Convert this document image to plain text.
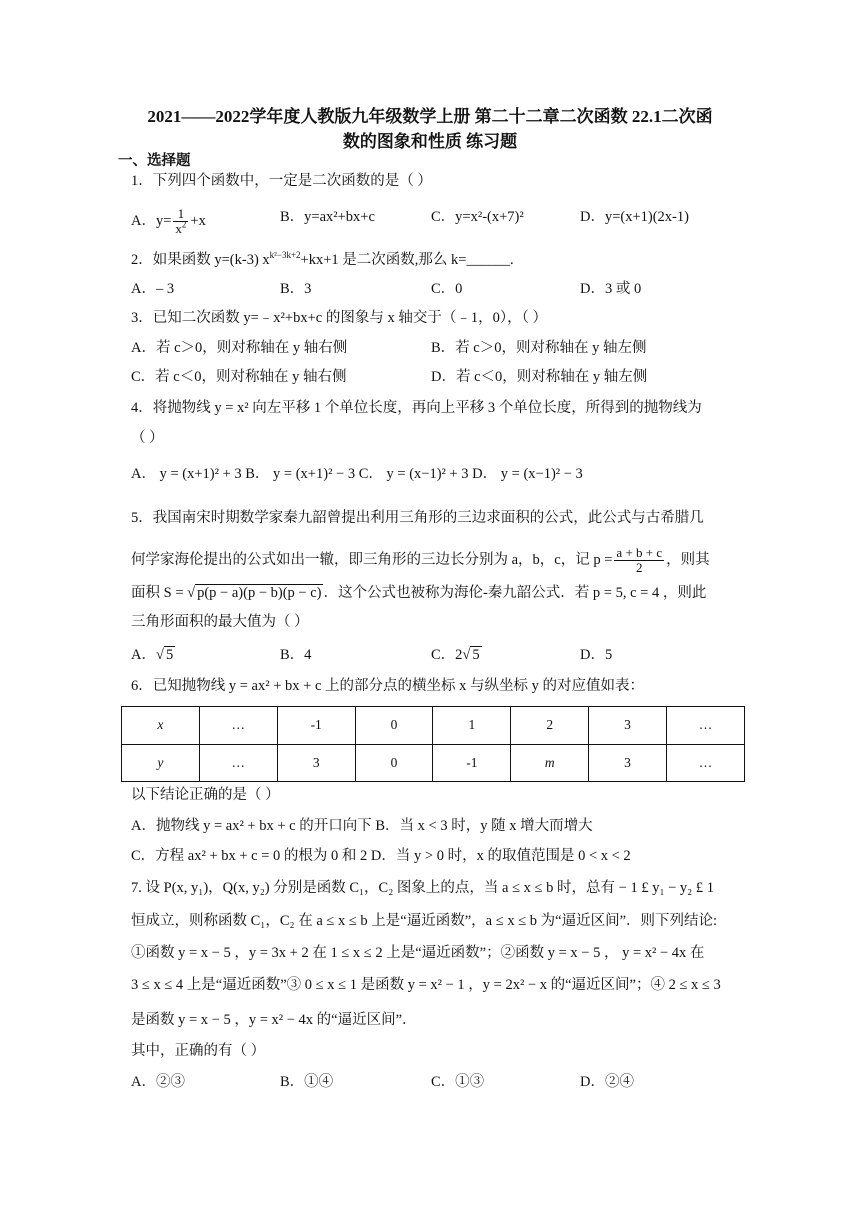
2021——2022学年度人教版九年级数学上册 第二十二章二次函数 22.1二次函
数的图象和性质 练习题
一、选择题
1．下列四个函数中，一定是二次函数的是（ ）
A．$y= \frac{1}{x^2} +x$	B．y=ax²+bx+c	C．y=x²-(x+7)²	D．y=(x+1)(2x-1)
2．如果函数 y=(k-3) $x^{k^2-3k+2}+kx+1$ 是二次函数,那么 k=______.
A．– 3	B．3	C．0	D．3 或 0
3．已知二次函数 y=﹣x²+bx+c 的图象与 x 轴交于（﹣1，0），（ ）
A．若 c＞0，则对称轴在 y 轴右侧	B．若 c＞0，则对称轴在 y 轴左侧
C．若 c＜0，则对称轴在 y 轴右侧	D．若 c＜0，则对称轴在 y 轴左侧
4．将抛物线 y = x² 向左平移 1 个单位长度，再向上平移 3 个单位长度，所得到的抛物线为
（ ）
A． y = (x+1)² + 3 B． y = (x+1)² − 3 C． y = (x−1)² + 3 D． y = (x−1)² − 3
5．我国南宋时期数学家秦九韶曾提出利用三角形的三边求面积的公式，此公式与古希腊几
何学家海伦提出的公式如出一辙，即三角形的三边长分别为 a，b，c，记 $p = \frac{a + b + c}{2}$ ，则其
面积 S = √ p(p − a)(p − b)(p − c) ．这个公式也被称为海伦-秦九韶公式．若 p = 5, c = 4 ，则此
三角形面积的最大值为（ ）
A．√ 5	B．4	C．2√ 5	D．5
6．已知抛物线 y = ax² + bx + c 上的部分点的横坐标 x 与纵坐标 y 的对应值如表：
x	…	-1	0	1	2	3	…
y	…	3	0	-1	m	3	…
以下结论正确的是（ ）
A．抛物线 y = ax² + bx + c 的开口向下 B．当 x < 3 时，y 随 x 增大而增大
C．方程 ax² + bx + c = 0 的根为 0 和 2 D．当 y > 0 时，x 的取值范围是 0 < x < 2
7. 设 P(x, y₁)，Q(x, y₂) 分别是函数 C₁，C₂ 图象上的点，当 a ≤ x ≤ b 时，总有 − 1 £ y₁ − y₂ £ 1
恒成立，则称函数 C₁，C₂ 在 a ≤ x ≤ b 上是“逼近函数”，a ≤ x ≤ b 为“逼近区间”．则下列结论:
①函数 y = x − 5 ，y = 3x + 2 在 1 ≤ x ≤ 2 上是“逼近函数”；②函数 y = x − 5 ， y = x² − 4x 在
3 ≤ x ≤ 4 上是“逼近函数”③ 0 ≤ x ≤ 1 是函数 y = x² − 1 ，y = 2x² − x 的“逼近区间”；④ 2 ≤ x ≤ 3
是函数 y = x − 5 ，y = x² − 4x 的“逼近区间”．
其中，正确的有（ ）
A．②③	B．①④	C．①③	D．②④
